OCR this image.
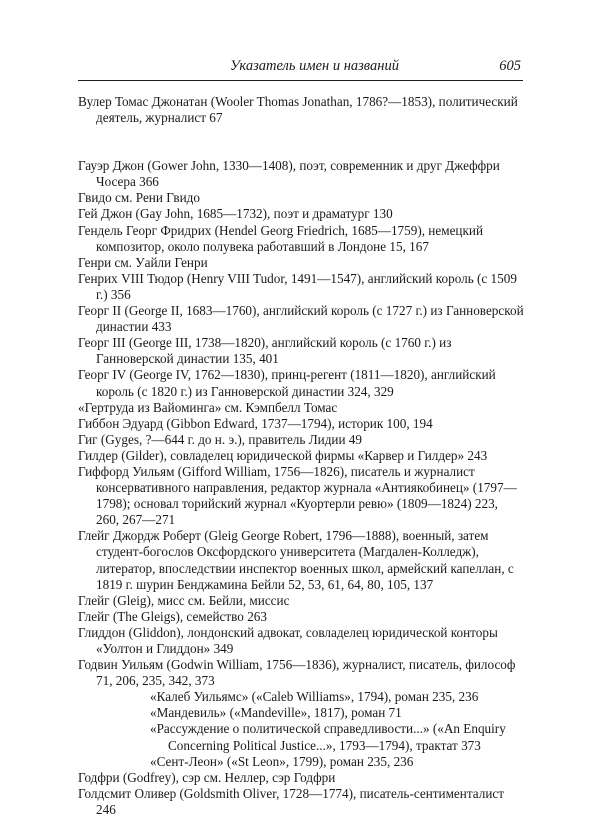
Указатель имен и названий	605

Вулер Томас Джонатан (Wooler Thomas Jonathan, 1786?—1853), политический деятель, журналист 67

Гауэр Джон (Gower John, 1330—1408), поэт, современник и друг Джеффри Чосера 366

Гвидо см. Рени Гвидо

Гей Джон (Gay John, 1685—1732), поэт и драматург 130

Гендель Георг Фридрих (Hendel Georg Friedrich, 1685—1759), немецкий композитор, около полувека работавший в Лондоне 15, 167

Генри см. Уайли Генри

Генрих VIII Тюдор (Henry VIII Tudor, 1491—1547), английский король (с 1509 г.) 356

Георг II (George II, 1683—1760), английский король (с 1727 г.) из Ганноверской династии 433

Георг III (George III, 1738—1820), английский король (с 1760 г.) из Ганноверской династии 135, 401

Георг IV (George IV, 1762—1830), принц-регент (1811—1820), английский король (с 1820 г.) из Ганноверской династии 324, 329

«Гертруда из Вайоминга» см. Кэмпбелл Томас

Гиббон Эдуард (Gibbon Edward, 1737—1794), историк 100, 194

Гиг (Gyges, ?—644 г. до н. э.), правитель Лидии 49

Гилдер (Gilder), совладелец юридической фирмы «Карвер и Гилдер» 243

Гиффорд Уильям (Gifford William, 1756—1826), писатель и журналист консервативного направления, редактор журнала «Антиякобинец» (1797—1798); основал торийский журнал «Куортерли ревю» (1809—1824) 223, 260, 267—271

Глейг Джордж Роберт (Gleig George Robert, 1796—1888), военный, затем студент-богослов Оксфордского университета (Магдален-Колледж), литератор, впоследствии инспектор военных школ, армейский капеллан, с 1819 г. шурин Бенджамина Бейли 52, 53, 61, 64, 80, 105, 137

Глейг (Gleig), мисс см. Бейли, миссис

Глейг (The Gleigs), семейство 263

Глиддон (Gliddon), лондонский адвокат, совладелец юридической конторы «Уолтон и Глиддон» 349

Годвин Уильям (Godwin William, 1756—1836), журналист, писатель, философ 71, 206, 235, 342, 373

«Калеб Уильямс» («Caleb Williams», 1794), роман 235, 236

«Мандевиль» («Mandeville», 1817), роман 71

«Рассуждение о политической справедливости...» («An Enquiry Concerning Political Justice...», 1793—1794), трактат 373

«Сент-Леон» («St Leon», 1799), роман 235, 236

Годфри (Godfrey), сэр см. Неллер, сэр Годфри

Голдсмит Оливер (Goldsmith Oliver, 1728—1774), писатель-сентименталист 246
